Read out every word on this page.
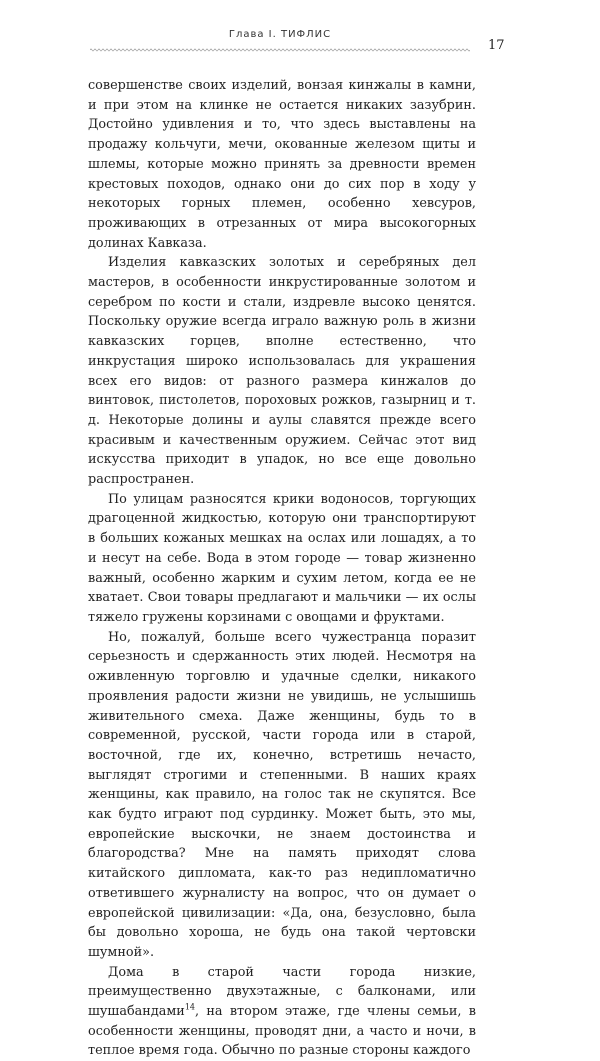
Глава I. ТИФЛИС
17

совершенстве своих изделий, вонзая кинжалы в камни, и при этом на клинке не остается никаких зазубрин. Достойно удивления и то, что здесь выставлены на продажу кольчуги, мечи, окованные железом щиты и шлемы, которые можно принять за древности времен крестовых походов, однако они до сих пор в ходу у некоторых горных племен, особенно хевсуров, проживающих в отрезанных от мира высокогорных долинах Кавказа.

Изделия кавказских золотых и серебряных дел мастеров, в особенности инкрустированные золотом и серебром по кости и стали, издревле высоко ценятся. Поскольку оружие всегда играло важную роль в жизни кавказских горцев, вполне естественно, что инкрустация широко использовалась для украшения всех его видов: от разного размера кинжалов до винтовок, пистолетов, пороховых рожков, газырниц и т. д. Некоторые долины и аулы славятся прежде всего красивым и качественным оружием. Сейчас этот вид искусства приходит в упадок, но все еще довольно распространен.

По улицам разносятся крики водоносов, торгующих драгоценной жидкостью, которую они транспортируют в больших кожаных мешках на ослах или лошадях, а то и несут на себе. Вода в этом городе — товар жизненно важный, особенно жарким и сухим летом, когда ее не хватает. Свои товары предлагают и мальчики — их ослы тяжело гружены корзинами с овощами и фруктами.

Но, пожалуй, больше всего чужестранца поразит серьезность и сдержанность этих людей. Несмотря на оживленную торговлю и удачные сделки, никакого проявления радости жизни не увидишь, не услышишь живительного смеха. Даже женщины, будь то в современной, русской, части города или в старой, восточной, где их, конечно, встретишь нечасто, выглядят строгими и степенными. В наших краях женщины, как правило, на голос так не скупятся. Все как будто играют под сурдинку. Может быть, это мы, европейские выскочки, не знаем достоинства и благородства? Мне на память приходят слова китайского дипломата, как-то раз недипломатично ответившего журналисту на вопрос, что он думает о европейской цивилизации: «Да, она, безусловно, была бы довольно хороша, не будь она такой чертовски шумной».

Дома в старой части города низкие, преимущественно двухэтажные, с балконами, или шушабандами$^{14}$, на втором этаже, где члены семьи, в особенности женщины, проводят дни, а часто и ночи, в теплое время года. Обычно по разные стороны каждого
